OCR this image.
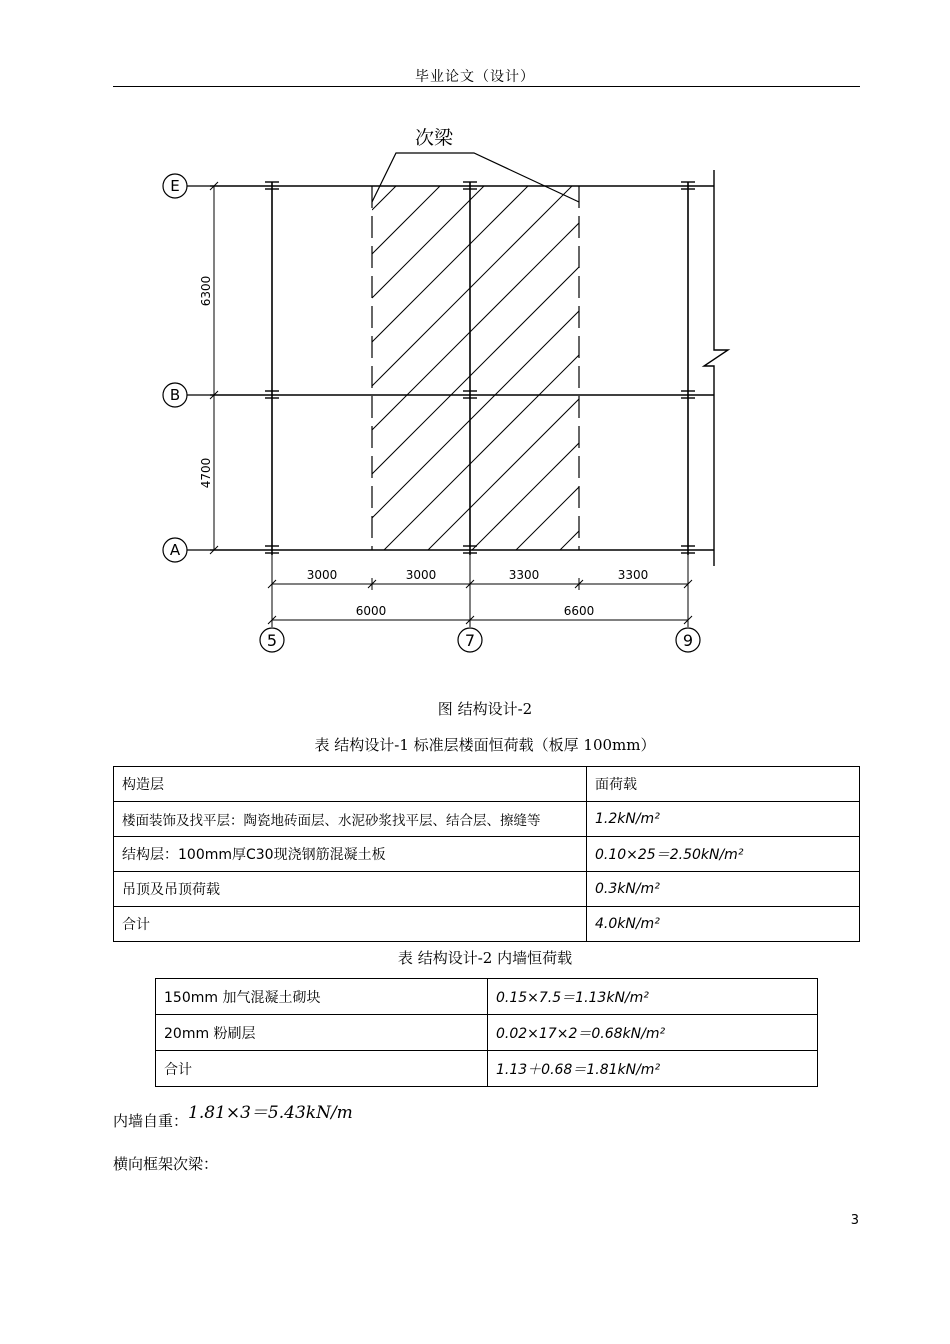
毕业论文（设计）
次梁
E
B
A
6300
4700
3000	3000	3300	3300
6000	6600
5	7	9
图 结构设计-2
表 结构设计-1 标准层楼面恒荷载（板厚 100mm）
构造层	面荷载
楼面装饰及找平层：陶瓷地砖面层、水泥砂浆找平层、结合层、擦缝等	1.2kN/m²
结构层：100mm厚C30现浇钢筋混凝土板	0.10×25＝2.50kN/m²
吊顶及吊顶荷载	0.3kN/m²
合计	4.0kN/m²
表 结构设计-2 内墙恒荷载
150mm 加气混凝土砌块	0.15×7.5＝1.13kN/m²
20mm 粉刷层	0.02×17×2＝0.68kN/m²
合计	1.13＋0.68＝1.81kN/m²
内墙自重：1.81×3＝5.43kN/m
横向框架次梁：
3
